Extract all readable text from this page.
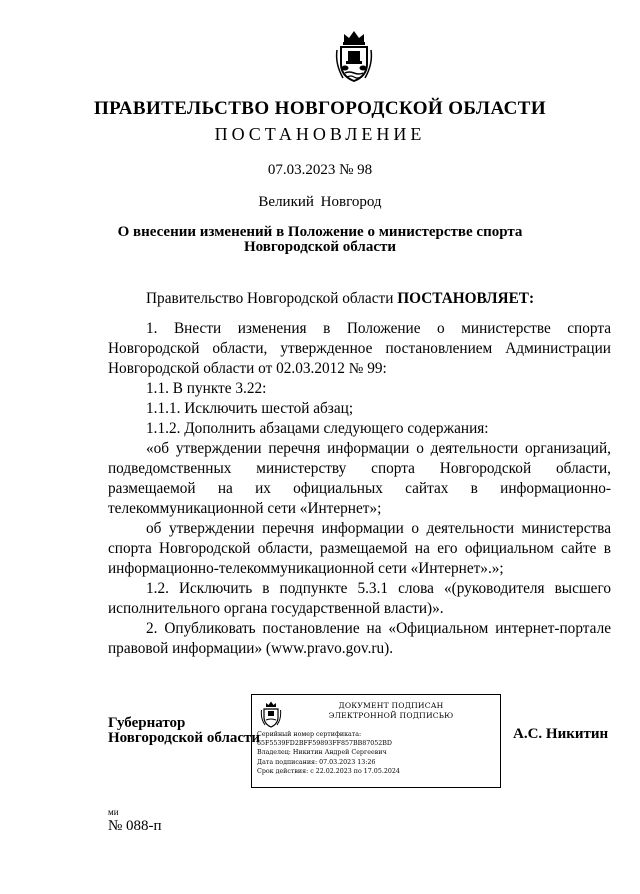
ПРАВИТЕЛЬСТВО НОВГОРОДСКОЙ ОБЛАСТИ
ПОСТАНОВЛЕНИЕ
07.03.2023 № 98
Великий Новгород
О внесении изменений в Положение о министерстве спорта
Новгородской области

Правительство Новгородской области ПОСТАНОВЛЯЕТ:

1. Внести изменения в Положение о министерстве спорта Новгородской области, утвержденное постановлением Администрации Новгородской области от 02.03.2012 № 99:

1.1. В пункте 3.22:

1.1.1. Исключить шестой абзац;

1.1.2. Дополнить абзацами следующего содержания:

«об утверждении перечня информации о деятельности организаций, подведомственных министерству спорта Новгородской области, размещаемой на их официальных сайтах в информационно-телекоммуникационной сети «Интернет»;

об утверждении перечня информации о деятельности министерства спорта Новгородской области, размещаемой на его официальном сайте в информационно-телекоммуникационной сети «Интернет».»;

1.2. Исключить в подпункте 5.3.1 слова «(руководителя высшего исполнительного органа государственной власти)».

2. Опубликовать постановление на «Официальном интернет-портале правовой информации» (www.pravo.gov.ru).

Губернатор
Новгородской области
ДОКУМЕНТ ПОДПИСАН
ЭЛЕКТРОННОЙ ПОДПИСЬЮ
Серийный номер сертификата:
65F5539FD2BFF59893FF857BB87052BD
Владелец: Никитин Андрей Сергеевич
Дата подписания: 07.03.2023 13:26
Срок действия: с 22.02.2023 по 17.05.2024
А.С. Никитин
ми
№ 088-п
